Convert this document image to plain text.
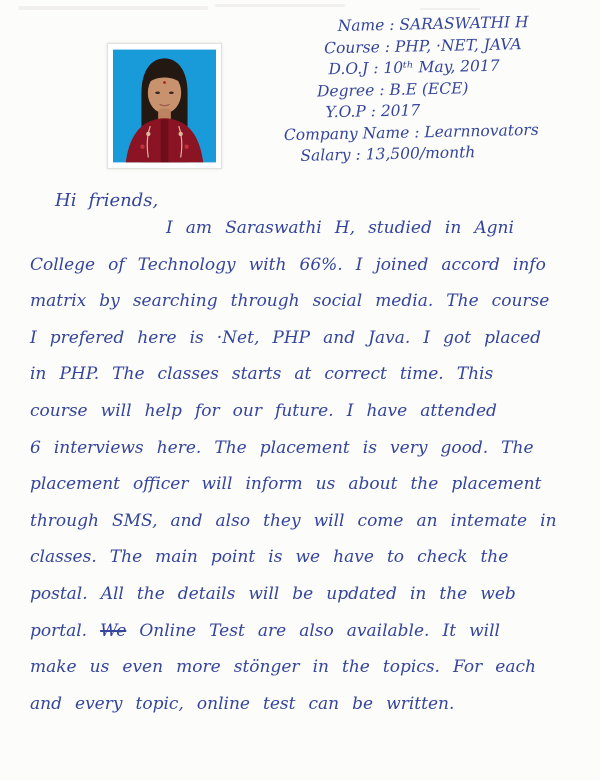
Name : SARASWATHI H
Course : PHP, ·NET, JAVA
D.O.J : 10ᵗʰ May, 2017
Degree : B.E (ECE)
Y.O.P : 2017
Company Name : Learnnovators
Salary : 13,500/month
Hi friends,
I am Saraswathi H, studied in Agni
College of Technology with 66%. I joined accord info
matrix by searching through social media. The course
I prefered here is ·Net, PHP and Java. I got placed
in PHP. The classes starts at correct time. This
course will help for our future. I have attended
6 interviews here. The placement is very good. The
placement officer will inform us about the placement
through SMS, and also they will come an intemate in
classes. The main point is we have to check the
postal. All the details will be updated in the web
portal. We Online Test are also available. It will
make us even more stönger in the topics. For each
and every topic, online test can be written.
